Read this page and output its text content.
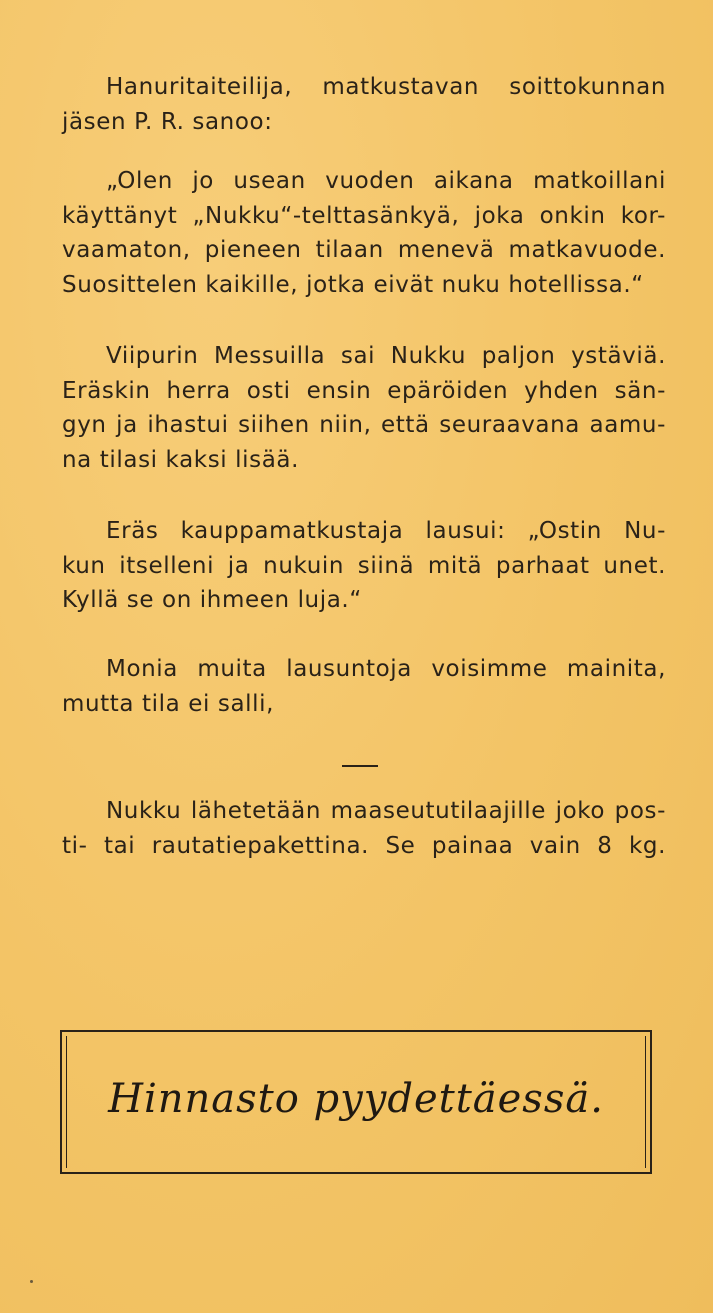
Hanuritaiteilija, matkustavan soittokunnan
jäsen P. R. sanoo:

„Olen jo usean vuoden aikana matkoillani
käyttänyt „Nukku“-telttasänkyä, joka onkin kor-
vaamaton, pieneen tilaan menevä matkavuode.
Suosittelen kaikille, jotka eivät nuku hotellissa.“

Viipurin Messuilla sai Nukku paljon ystäviä.
Eräskin herra osti ensin epäröiden yhden sän-
gyn ja ihastui siihen niin, että seuraavana aamu-
na tilasi kaksi lisää.

Eräs kauppamatkustaja lausui: „Ostin Nu-
kun itselleni ja nukuin siinä mitä parhaat unet.
Kyllä se on ihmeen luja.“

Monia muita lausuntoja voisimme mainita,
mutta tila ei salli,

Nukku lähetetään maaseututilaajille joko pos-
ti- tai rautatiepakettina. Se painaa vain 8 kg.

Hinnasto pyydettäessä.
